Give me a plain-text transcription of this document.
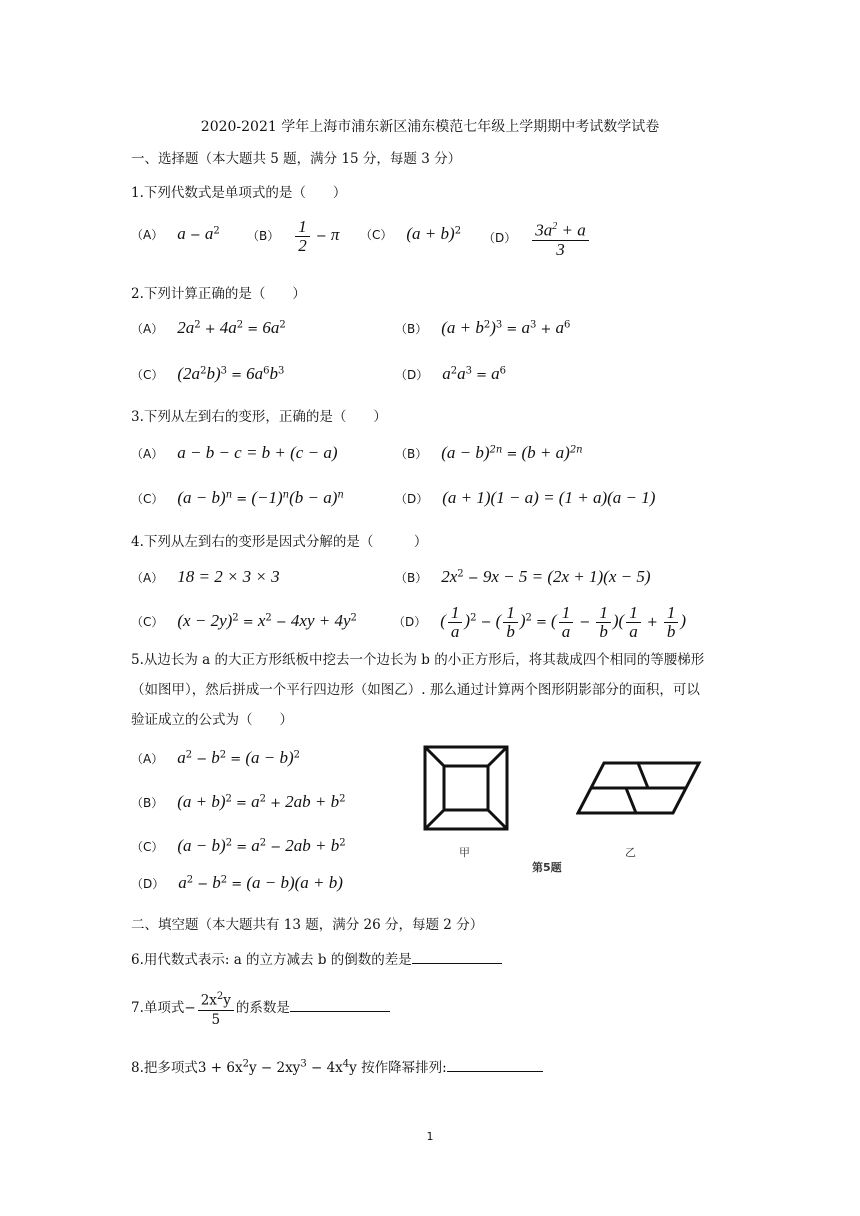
2020-2021 学年上海市浦东新区浦东模范七年级上学期期中考试数学试卷
一、选择题（本大题共 5 题，满分 15 分，每题 3 分）
1.下列代数式是单项式的是（　　）
（A） $a - a^2$ $(B) \frac{1}{2} - \pi$ （C） $(a + b)^2$ $(D) \frac{3a^2 + a}{3}$
2.下列计算正确的是（　　）
（A） $2a^2 + 4a^2 = 6a^2$	（B） $(a + b^2)^3 = a^3 + a^6$
（C） $(2a^2b)^3 = 6a^6b^3$	（D） $a^2a^3 = a^6$
3.下列从左到右的变形，正确的是（　　）
（A） a − b − c = b + (c − a)	（B） $(a - b)^{2n} = (b + a)^{2n}$
（C） $(a - b)^n = (-1)^n(b - a)^n$	（D） (a + 1)(1 − a) = (1 + a)(a − 1)
4.下列从左到右的变形是因式分解的是（　　　）
（A） 18 = 2 × 3 × 3	（B） $2x^2 - 9x - 5 = (2x + 1)(x - 5)$
（C） $(x - 2y)^2 = x^2 - 4xy + 4y^2$	（D） ( $\frac{1}{a} )^2$ − ( $\frac{1}{b} )^2$ = ( $\frac{1}{a} - \frac{1}{b}$ )( $\frac{1}{a} + \frac{1}{b}$ )
5.从边长为 a 的大正方形纸板中挖去一个边长为 b 的小正方形后，将其裁成四个相同的等腰梯形
（如图甲），然后拼成一个平行四边形（如图乙）. 那么通过计算两个图形阴影部分的面积，可以
验证成立的公式为（　　）
（A） $a^2 - b^2 = (a - b)^2$
（B） $(a + b)^2 = a^2 + 2ab + b^2$
（C） $(a - b)^2 = a^2 - 2ab + b^2$
（D） $a^2 - b^2 = (a - b)(a + b)$
甲	乙
第5题
二、填空题（本大题共有 13 题，满分 26 分，每题 2 分）
6.用代数式表示: a 的立方减去 b 的倒数的差是
7.单项式− $\frac{2x^2y}{5}$ 的系数是
8.把多项式$3 + 6x^2y - 2xy^3 - 4x^4y$ 按作降幂排列:
1
